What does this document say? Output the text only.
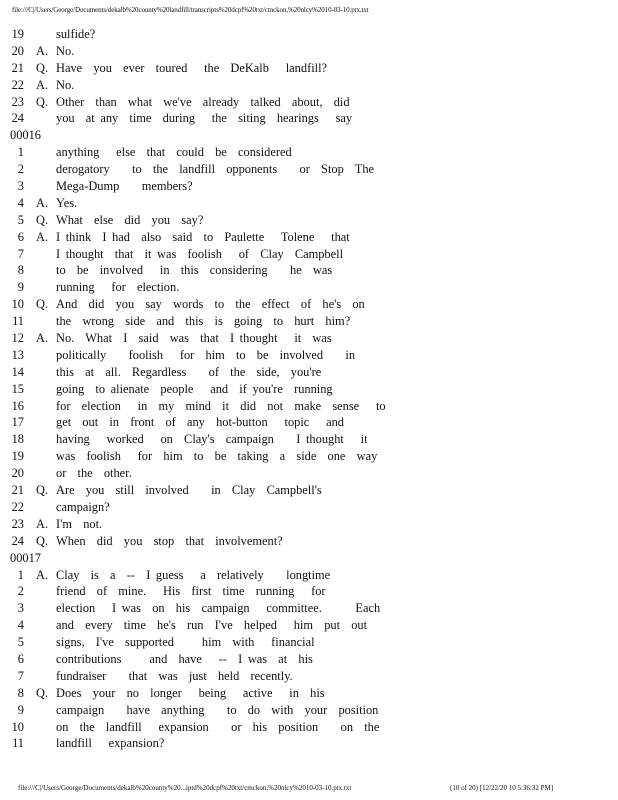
file:///C|/Users/George/Documents/dekalb%20county%20landfill/transcripts%20dcpf%20txt/cmckon,%20nlcy%2010-03-10.ptx.txt
19	sulfide?
20 A. No.
21 Q. Have  you  ever  toured   the  DeKalb   landfill?
22 A. No.
23 Q. Other  than  what  we've  already  talked  about,  did
24	you  at any  time  during   the  siting  hearings   say
00016
1	anything   else  that  could  be  considered
2	derogatory    to  the  landfill  opponents    or  Stop  The
3	Mega-Dump    members?
4 A. Yes.
5 Q. What  else  did  you  say?
6 A. I think  I had  also  said  to  Paulette   Tolene   that
7	I thought  that  it was  foolish   of  Clay  Campbell
8	to  be  involved   in  this  considering    he  was
9	running   for  election.
10 Q. And  did  you  say  words  to  the  effect  of  he's  on
11	the  wrong  side  and  this  is  going  to  hurt  him?
12 A. No.  What  I  said  was  that  I thought   it  was
13	politically    foolish   for  him  to  be  involved    in
14	this  at  all.  Regardless    of  the  side,  you're
15	going  to alienate  people   and  if you're  running
16	for  election   in  my  mind  it  did  not  make  sense   to
17	get  out  in  front  of  any  hot-button   topic   and
18	having   worked   on  Clay's  campaign    I thought   it
19	was  foolish   for  him  to  be  taking  a  side  one  way
20	or  the  other.
21 Q. Are  you  still  involved    in  Clay  Campbell's
22	campaign?
23 A. I'm  not.
24 Q. When  did  you  stop  that  involvement?
00017
1 A. Clay  is  a  --  I guess   a  relatively    longtime
2	friend  of  mine.   His  first  time  running   for
3	election   I was  on  his  campaign   committee.      Each
4	and  every  time  he's  run  I've  helped   him  put  out
5	signs,  I've  supported     him  with   financial
6	contributions     and  have   --  I was  at  his
7	fundraiser    that  was  just  held  recently.
8 Q. Does  your  no  longer   being   active   in  his
9	campaign    have  anything    to  do  with  your  position
10	on  the  landfill   expansion    or  his  position    on  the
11	landfill   expansion?
file:///C|/Users/George/Documents/dekalb%20county%20...iptd%20dcpf%20txt/cmckon,%20nlcy%2010-03-10.ptx.txt	(10 of 20) [12/22/20 10 5:36:32 PM]
